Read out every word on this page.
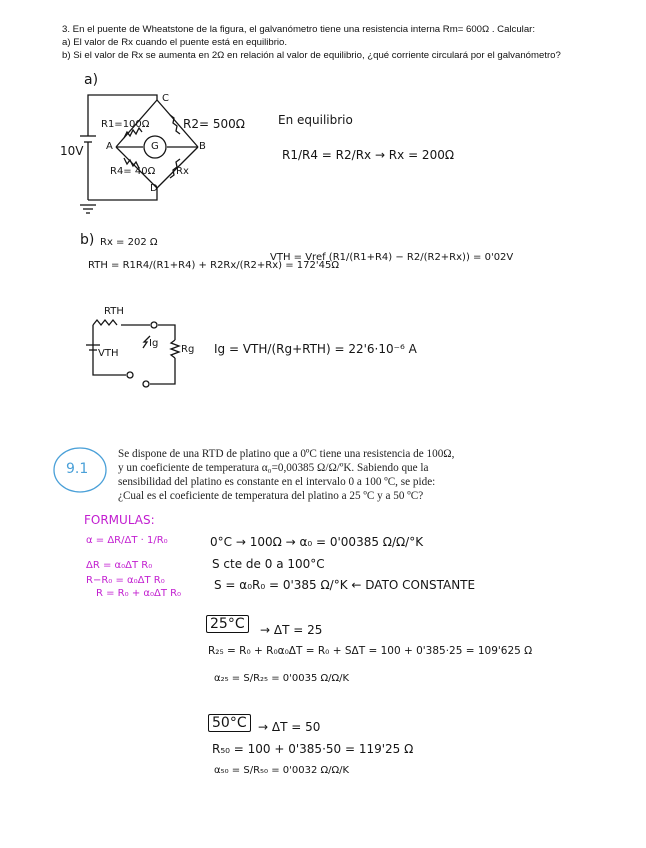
3. En el puente de Wheatstone de la figura, el galvanómetro tiene una resistencia interna Rm= 600Ω . Calcular:
a) El valor de Rx cuando el puente está en equilibrio.
b) Si el valor de Rx se aumenta en 2Ω en relación al valor de equilibrio, ¿qué corriente circulará por el galvanómetro?
a)
C
A	B
D
10V
R1=100Ω	R2= 500Ω
R4= 40Ω Rx
G
En equilibrio
R1/R4 = R2/Rx → Rx = 200Ω
b) Rx = 202 Ω
RTH = R1R4/(R1+R4) + R2Rx/(R2+Rx) = 172'45Ω
VTH = Vref (R1/(R1+R4) − R2/(R2+Rx)) = 0'02V
RTH
VTH
Ig
Rg Ig = VTH/(Rg+RTH) = 22'6·10⁻⁶ A
9.1
Se dispone de una RTD de platino que a 0ºC tiene una resistencia de 100Ω,
y un coeficiente de temperatura α₀=0,00385 Ω/Ω/ºK. Sabiendo que la
sensibilidad del platino es constante en el intervalo 0 a 100 ºC, se pide:
¿Cual es el coeficiente de temperatura del platino a 25 ºC y a 50 ºC?
FORMULAS:
α = ΔR/ΔT · 1/R₀
ΔR = α₀ΔT R₀
R−R₀ = α₀ΔT R₀
R = R₀ + α₀ΔT R₀
0°C → 100Ω → α₀ = 0'00385 Ω/Ω/°K
S cte de 0 a 100°C
S = α₀R₀ = 0'385 Ω/°K ← DATO CONSTANTE
25°C	→ ΔT = 25
R₂₅ = R₀ + R₀α₀ΔT = R₀ + SΔT = 100 + 0'385·25 = 109'625 Ω
α₂₅ = S/R₂₅ = 0'0035 Ω/Ω/K
50°C → ΔT = 50
R₅₀ = 100 + 0'385·50 = 119'25 Ω
α₅₀ = S/R₅₀ = 0'0032 Ω/Ω/K
